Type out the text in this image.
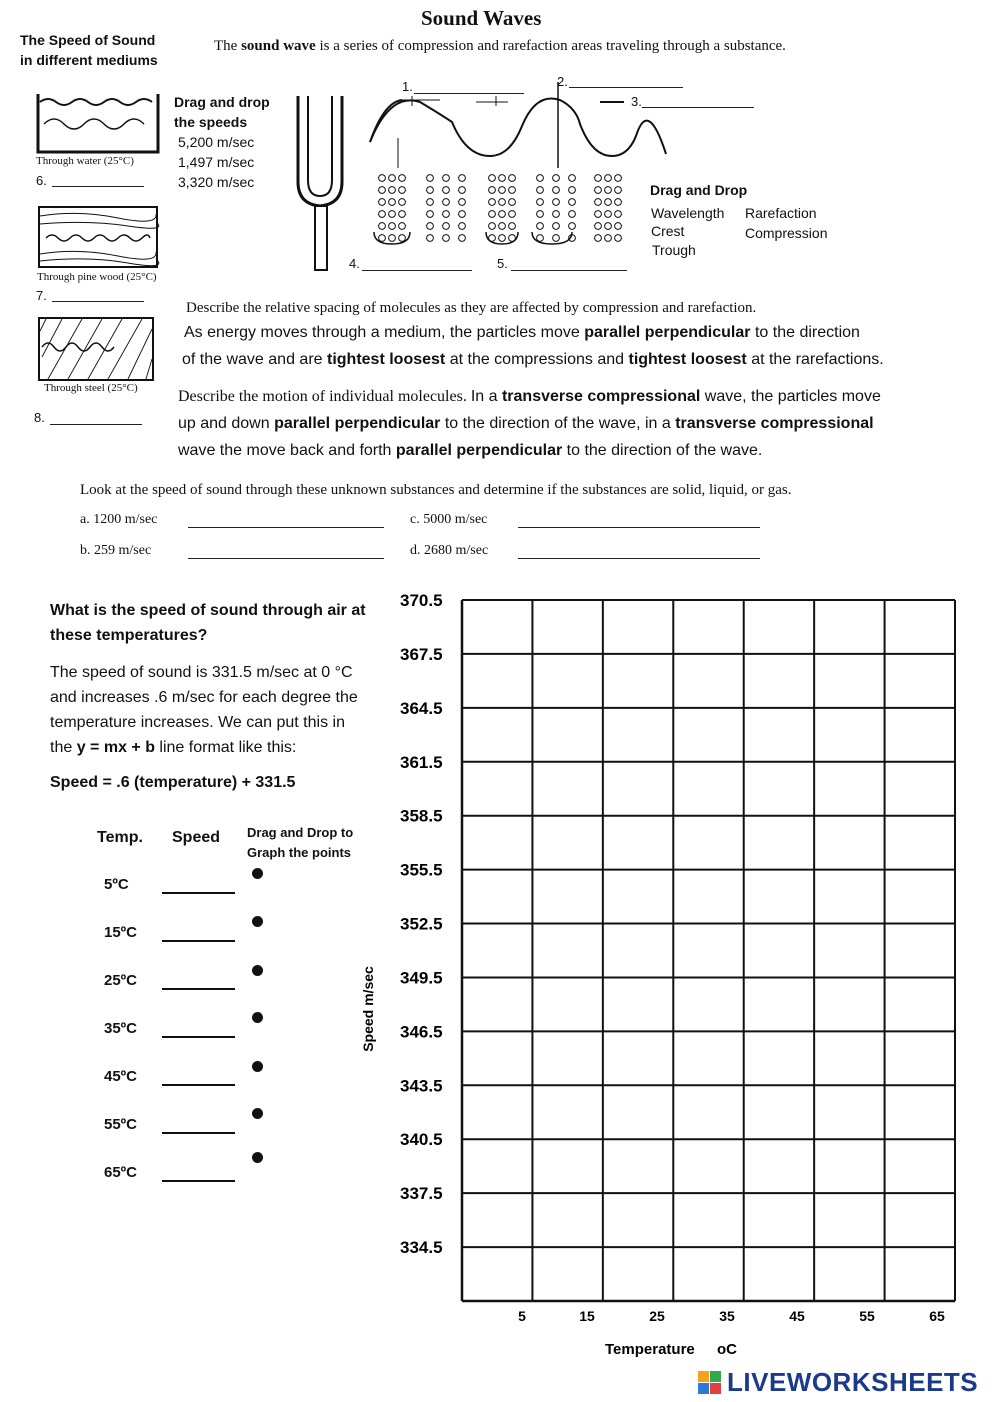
Sound Waves
The sound wave is a series of compression and rarefaction areas traveling through a substance.
The Speed of Sound
in different mediums
Through water (25°C)
6.
Through pine wood (25°C)
7.
Through steel (25°C)
8.
Drag and drop
the speeds
5,200 m/sec
1,497 m/sec
3,320 m/sec
1.	2.
3.
4.	5.
Drag and Drop
Wavelength Rarefaction
Crest	Compression
Trough
Describe the relative spacing of molecules as they are affected by compression and rarefaction.
As energy moves through a medium, the particles move parallel perpendicular to the direction
of the wave and are tightest loosest at the compressions and tightest loosest at the rarefactions.
Describe the motion of individual molecules. In a transverse compressional wave, the particles move
up and down parallel perpendicular to the direction of the wave, in a transverse compressional
wave the move back and forth parallel perpendicular to the direction of the wave.
Look at the speed of sound through these unknown substances and determine if the substances are solid, liquid, or gas.
a. 1200 m/sec
b. 259 m/sec
c. 5000 m/sec
d. 2680 m/sec
What is the speed of sound through air at
these temperatures?
The speed of sound is 331.5 m/sec at 0 °C
and increases .6 m/sec for each degree the
temperature increases. We can put this in
the y = mx + b line format like this:
Speed = .6 (temperature) + 331.5
Temp. Speed Drag and Drop to
Graph the points
5ºC
15ºC
25ºC
35ºC
45ºC
55ºC
65ºC
370.5
367.5
364.5
361.5
358.5
355.5
352.5
349.5
346.5
343.5
340.5
337.5
334.5
5	15	25	35	45	55	65
Speed m/sec
Temperature oC
LIVEWORKSHEETS
